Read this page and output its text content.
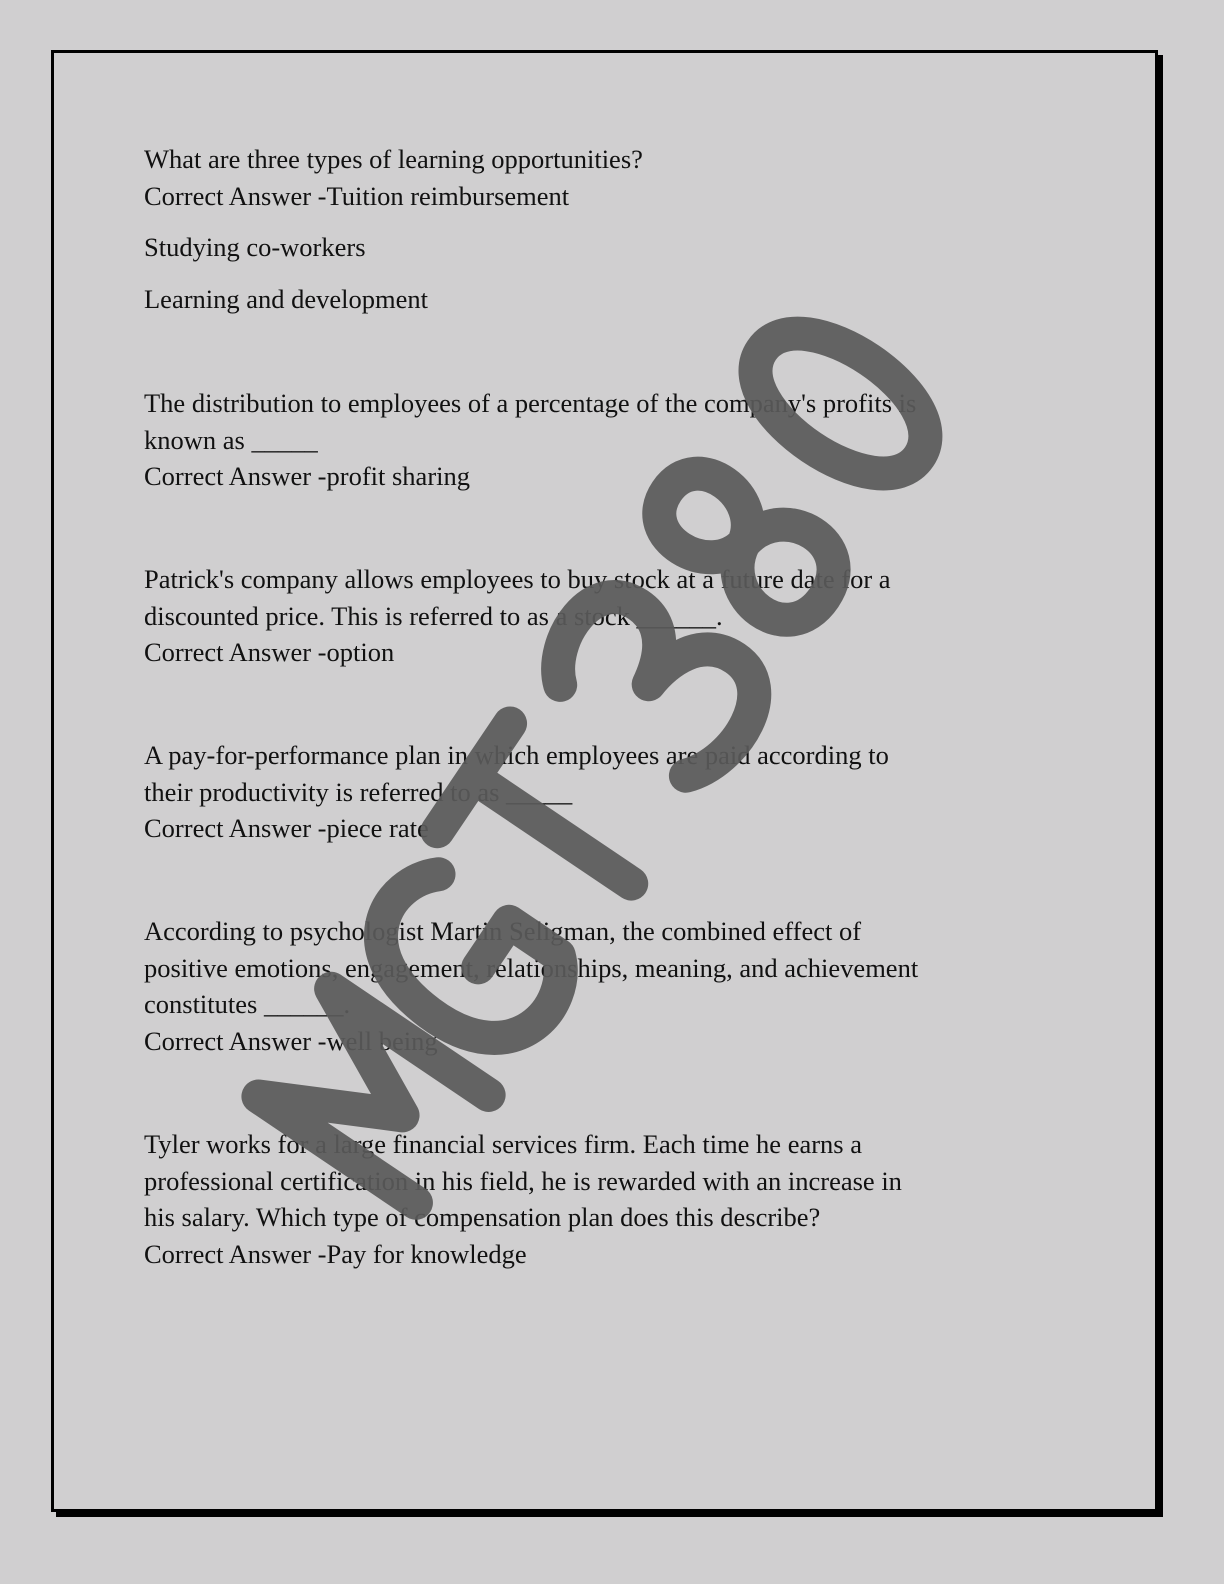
What are three types of learning opportunities?

Correct Answer -Tuition reimbursement

Studying co-workers

Learning and development

The distribution to employees of a percentage of the company's profits is

known as _____

Correct Answer -profit sharing

Patrick's company allows employees to buy stock at a future date for a

discounted price. This is referred to as a stock ______.

Correct Answer -option

A pay-for-performance plan in which employees are paid according to

their productivity is referred to as _____

Correct Answer -piece rate

According to psychologist Martin Seligman, the combined effect of

positive emotions, engagement, relationships, meaning, and achievement

constitutes ______.

Correct Answer -well being

Tyler works for a large financial services firm. Each time he earns a

professional certification in his field, he is rewarded with an increase in

his salary. Which type of compensation plan does this describe?

Correct Answer -Pay for knowledge
